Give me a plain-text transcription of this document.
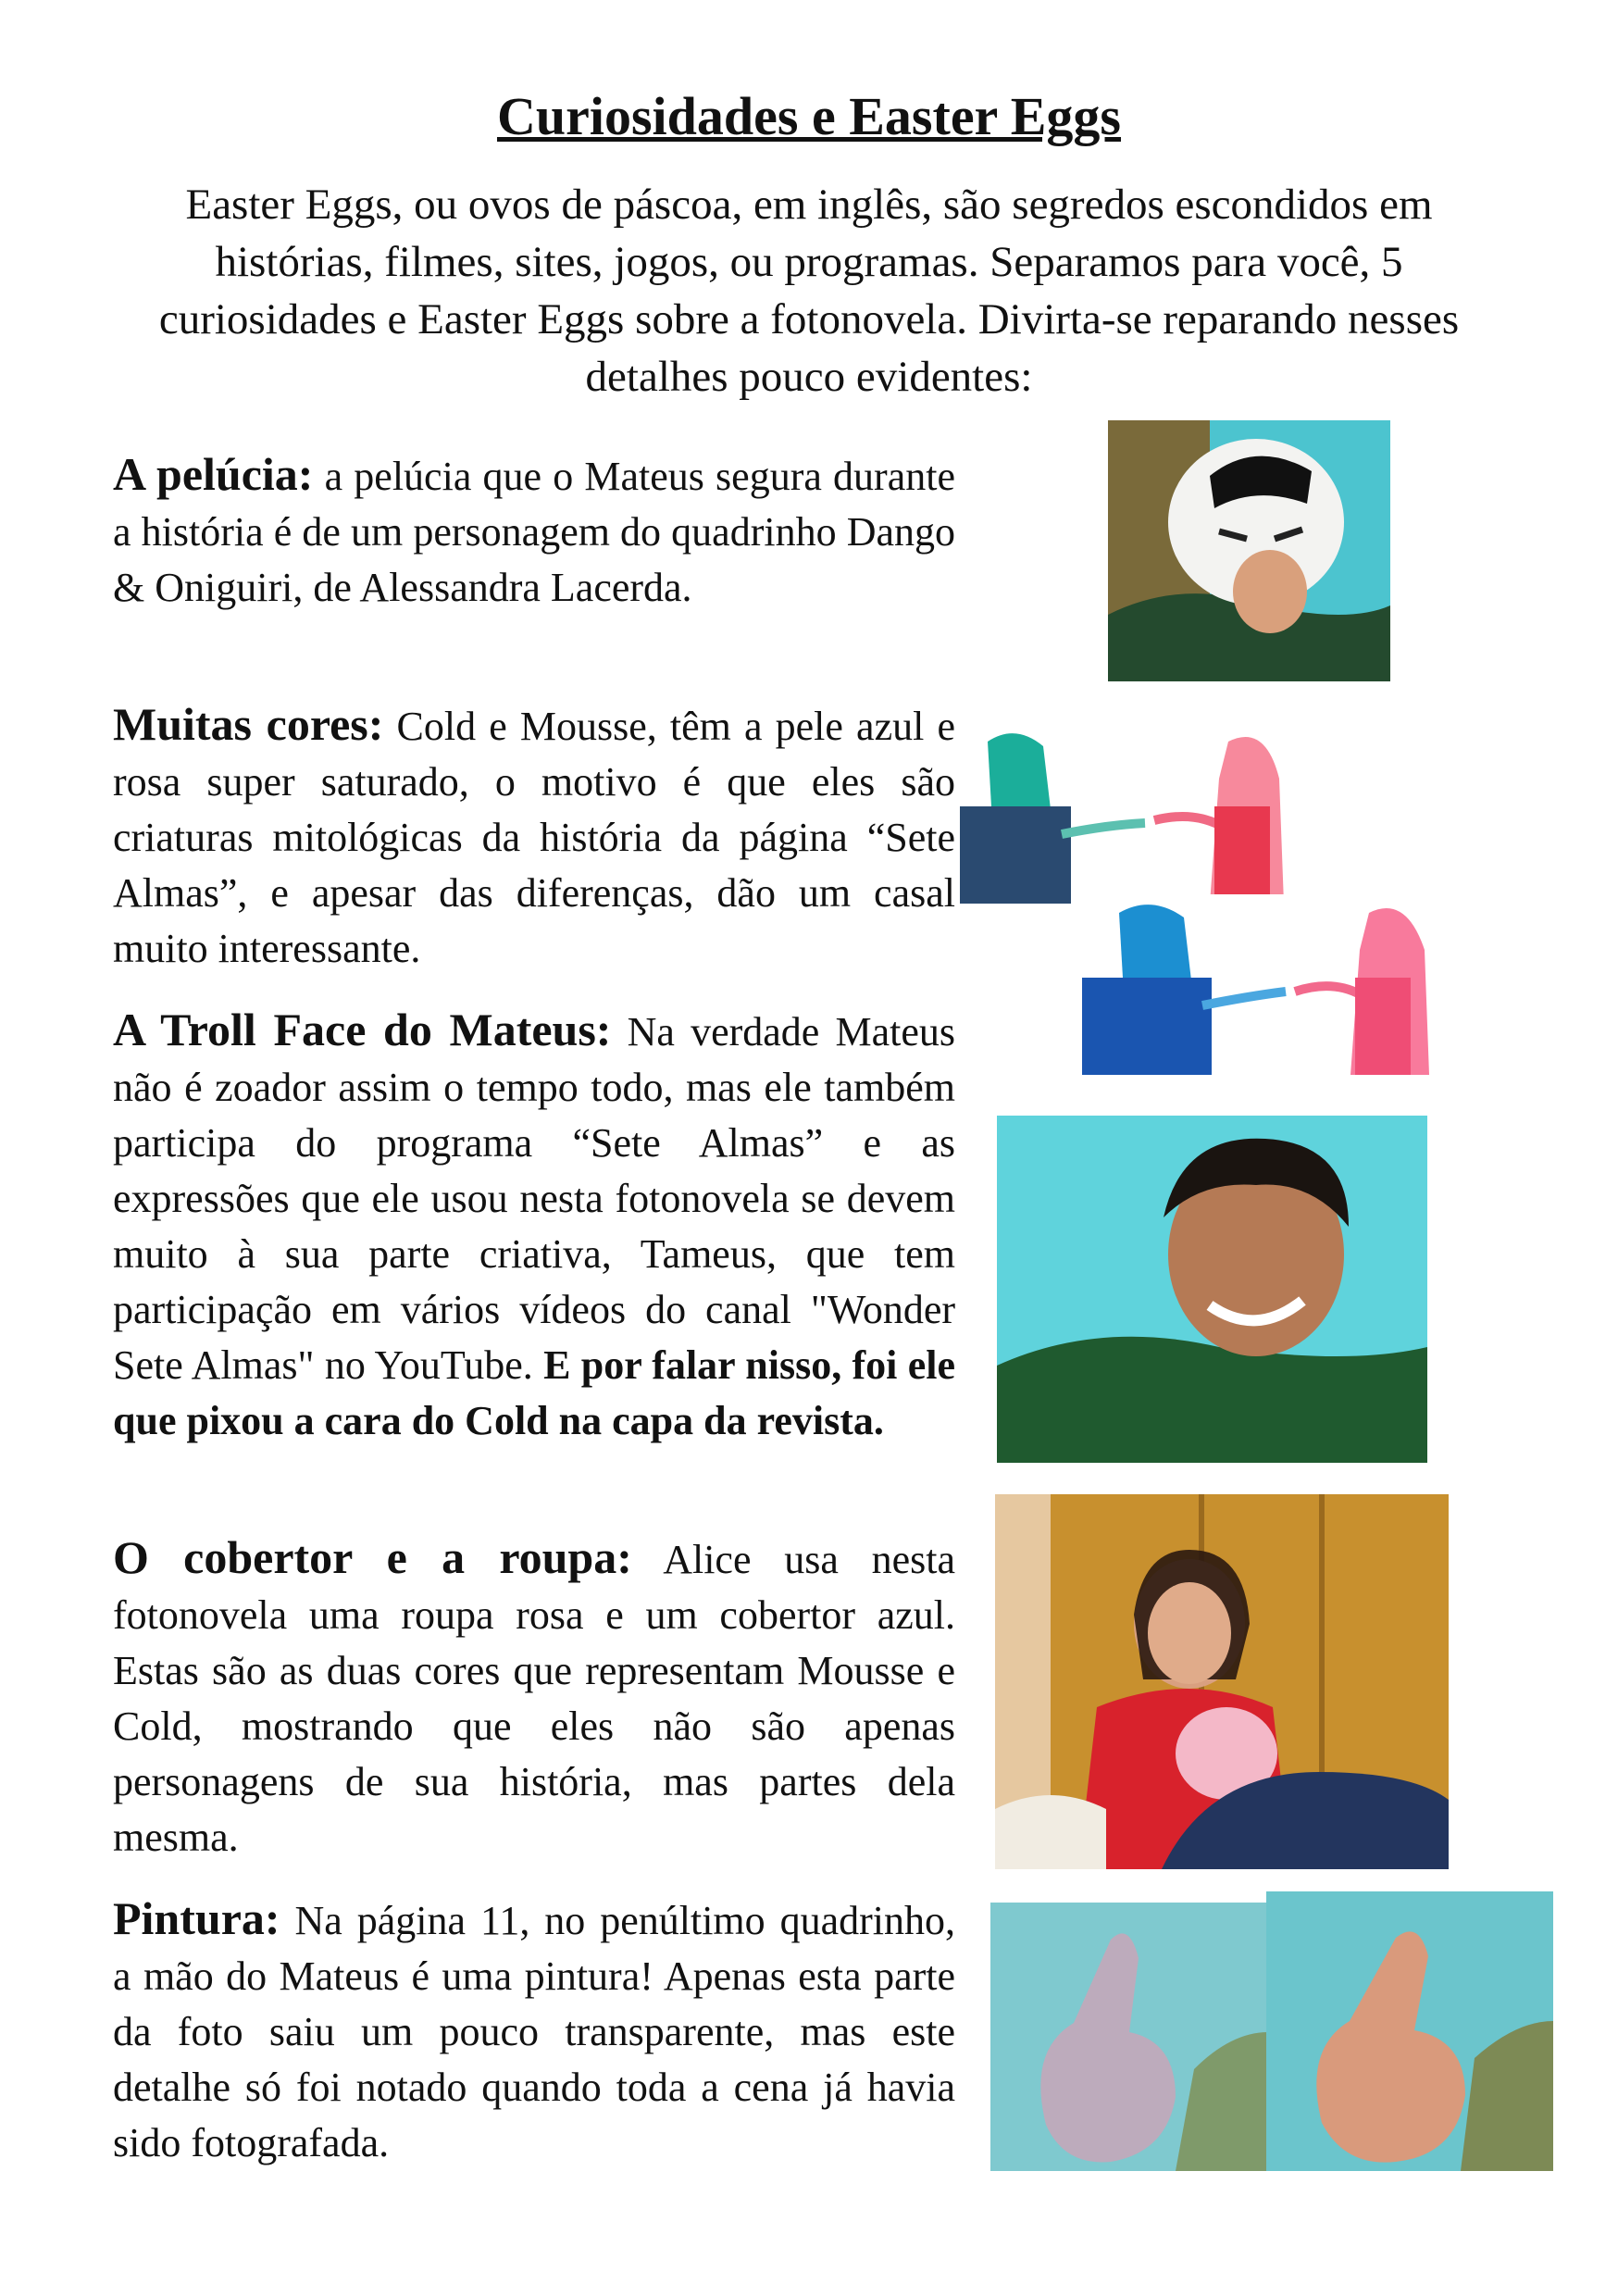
Curiosidades e Easter Eggs

Easter Eggs, ou ovos de páscoa, em inglês, são segredos escondidos em histórias, filmes, sites, jogos, ou programas. Separamos para você, 5 curiosidades e Easter Eggs sobre a fotonovela. Divirta-se reparando nesses detalhes pouco evidentes:

A pelúcia: a pelúcia que o Mateus segura durante a história é de um personagem do quadrinho Dango & Oniguiri, de Alessandra Lacerda.

Muitas cores: Cold e Mousse, têm a pele azul e rosa super saturado, o motivo é que eles são criaturas mitológicas da história da página “Sete Almas”, e apesar das diferenças, dão um casal muito interessante.

A Troll Face do Mateus: Na verdade Mateus não é zoador assim o tempo todo, mas ele também participa do programa “Sete Almas” e as expressões que ele usou nesta fotonovela se devem muito à sua parte criativa, Tameus, que tem participação em vários vídeos do canal "Wonder Sete Almas" no YouTube. E por falar nisso, foi ele que pixou a cara do Cold na capa da revista.

O cobertor e a roupa: Alice usa nesta fotonovela uma roupa rosa e um cobertor azul. Estas são as duas cores que representam Mousse e Cold, mostrando que eles não são apenas personagens de sua história, mas partes dela mesma.

Pintura: Na página 11, no penúltimo quadrinho, a mão do Mateus é uma pintura! Apenas esta parte da foto saiu um pouco transparente, mas este detalhe só foi notado quando toda a cena já havia sido fotografada.
